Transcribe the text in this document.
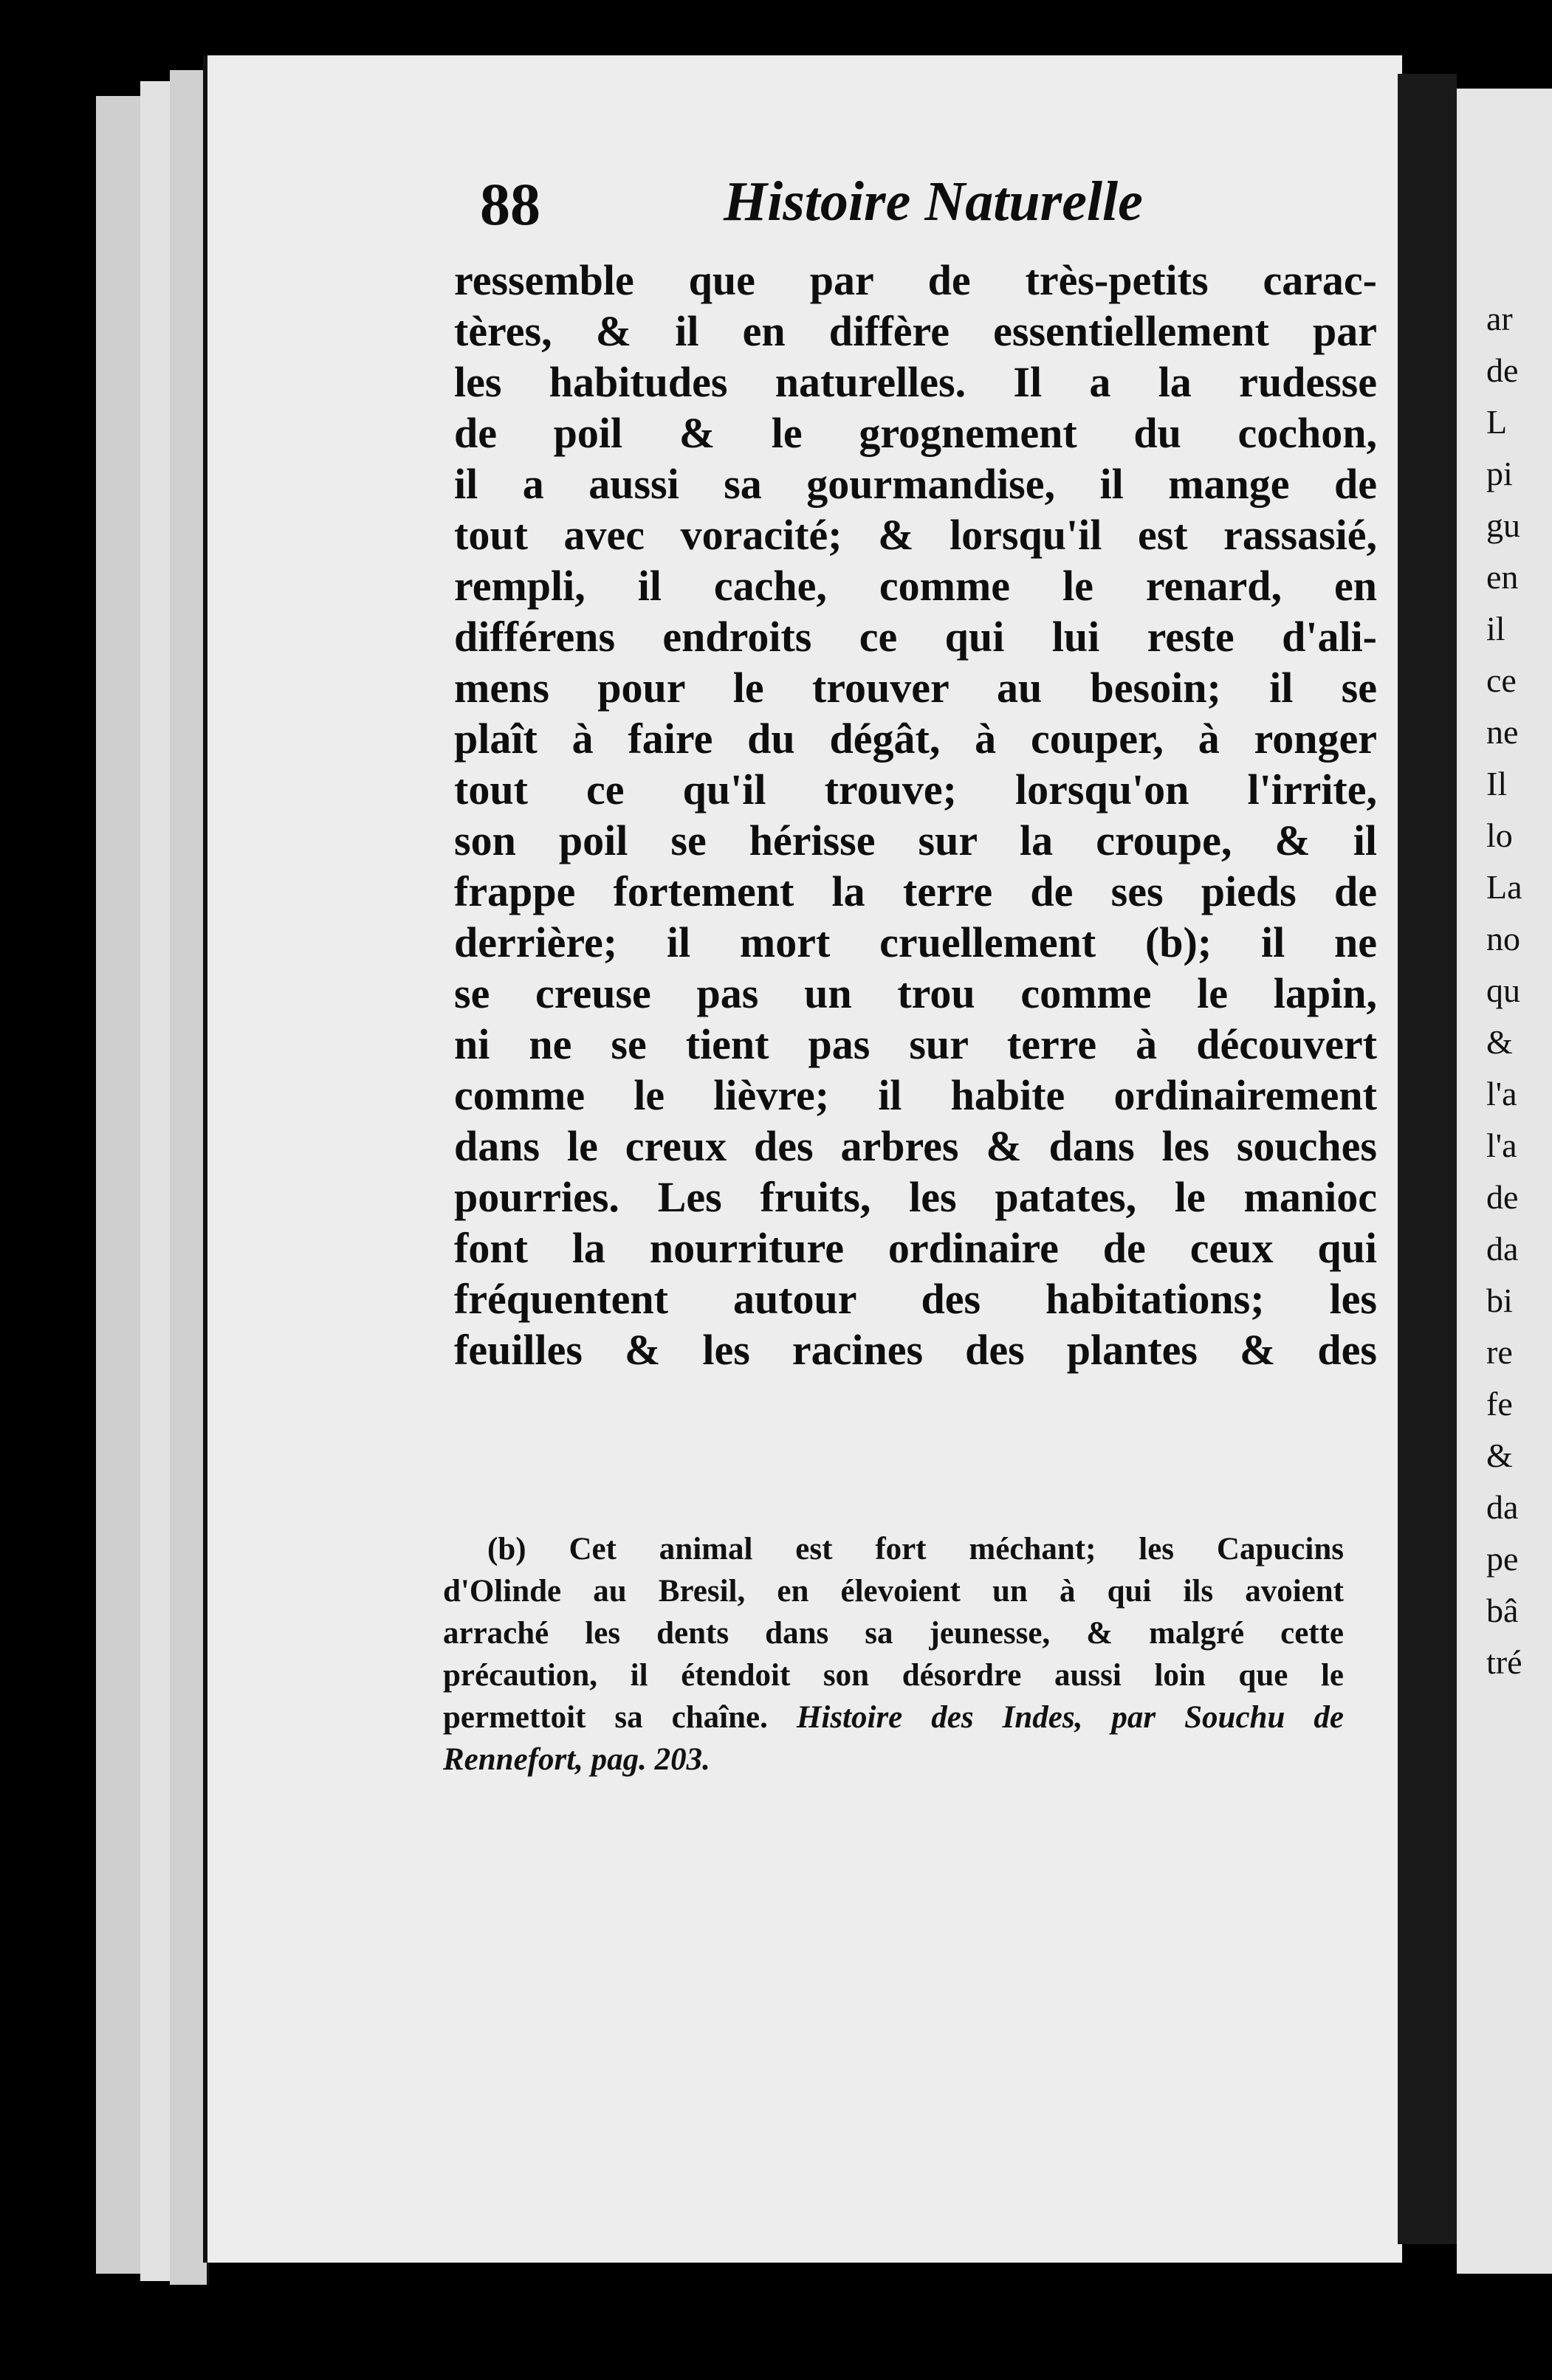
ar
de
L
pi
gu
en
il
ce
ne
Il
lo
La
no
qu
&
l'a
l'a
de
da
bi
re
fe
&
da
pe
bâ
tré
88	Histoire Naturelle
ressemble que par de très-petits carac-
tères, & il en diffère essentiellement par
les habitudes naturelles. Il a la rudesse
de poil & le grognement du cochon,
il a aussi sa gourmandise, il mange de
tout avec voracité; & lorsqu'il est rassasié,
rempli, il cache, comme le renard, en
différens endroits ce qui lui reste d'ali-
mens pour le trouver au besoin; il se
plaît à faire du dégât, à couper, à ronger
tout ce qu'il trouve; lorsqu'on l'irrite,
son poil se hérisse sur la croupe, & il
frappe fortement la terre de ses pieds de
derrière; il mort cruellement (b); il ne
se creuse pas un trou comme le lapin,
ni ne se tient pas sur terre à découvert
comme le lièvre; il habite ordinairement
dans le creux des arbres & dans les souches
pourries. Les fruits, les patates, le manioc
font la nourriture ordinaire de ceux qui
fréquentent autour des habitations; les
feuilles & les racines des plantes & des
(b) Cet animal est fort méchant; les Capucins
d'Olinde au Bresil, en élevoient un à qui ils avoient
arraché les dents dans sa jeunesse, & malgré cette
précaution, il étendoit son désordre aussi loin que le
permettoit sa chaîne. Histoire des Indes, par Souchu de
Rennefort, pag. 203.
